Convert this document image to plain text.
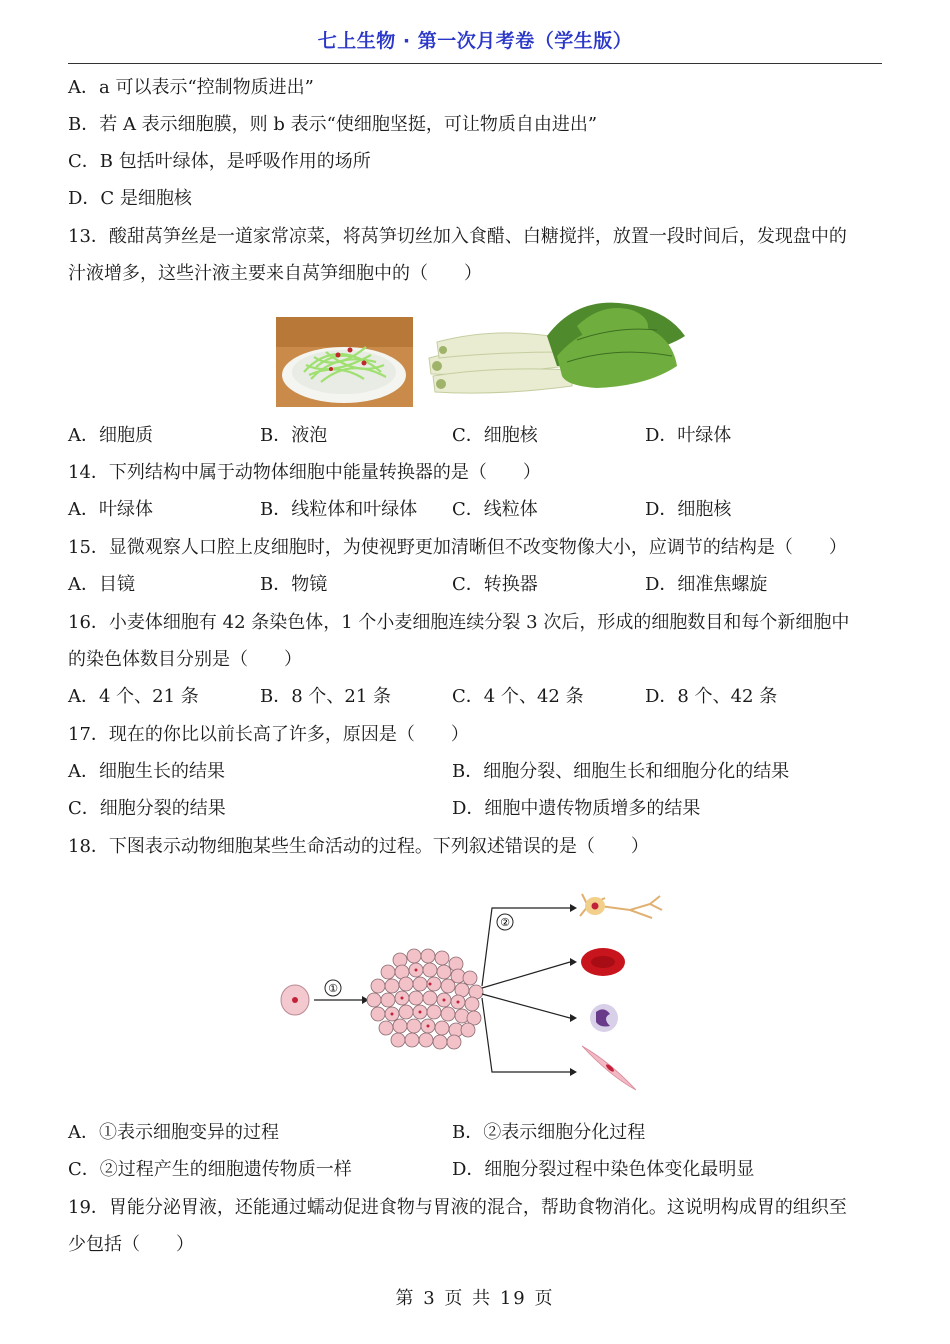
七上生物 · 第一次月考卷（学生版）
A．a 可以表示“控制物质进出”
B．若 A 表示细胞膜，则 b 表示“使细胞坚挺，可让物质自由进出”
C．B 包括叶绿体，是呼吸作用的场所
D．C 是细胞核
13．酸甜莴笋丝是一道家常凉菜，将莴笋切丝加入食醋、白糖搅拌，放置一段时间后，发现盘中的
汁液增多，这些汁液主要来自莴笋细胞中的（　　）
A．细胞质	B．液泡	C．细胞核	D．叶绿体
14．下列结构中属于动物体细胞中能量转换器的是（　　）
A．叶绿体	B．线粒体和叶绿体 C．线粒体	D．细胞核
15．显微观察人口腔上皮细胞时，为使视野更加清晰但不改变物像大小，应调节的结构是（　　）
A．目镜	B．物镜	C．转换器	D．细准焦螺旋
16．小麦体细胞有 42 条染色体，1 个小麦细胞连续分裂 3 次后，形成的细胞数目和每个新细胞中
的染色体数目分别是（　　）
A．4 个、21 条	B．8 个、21 条	C．4 个、42 条	D．8 个、42 条
17．现在的你比以前长高了许多，原因是（　　）
A．细胞生长的结果	B．细胞分裂、细胞生长和细胞分化的结果
C．细胞分裂的结果	D．细胞中遗传物质增多的结果
18．下图表示动物细胞某些生命活动的过程。下列叙述错误的是（　　）
①
②
A．①表示细胞变异的过程	B．②表示细胞分化过程
C．②过程产生的细胞遗传物质一样	D．细胞分裂过程中染色体变化最明显
19．胃能分泌胃液，还能通过蠕动促进食物与胃液的混合，帮助食物消化。这说明构成胃的组织至
少包括（　　）
第 3 页 共 19 页
